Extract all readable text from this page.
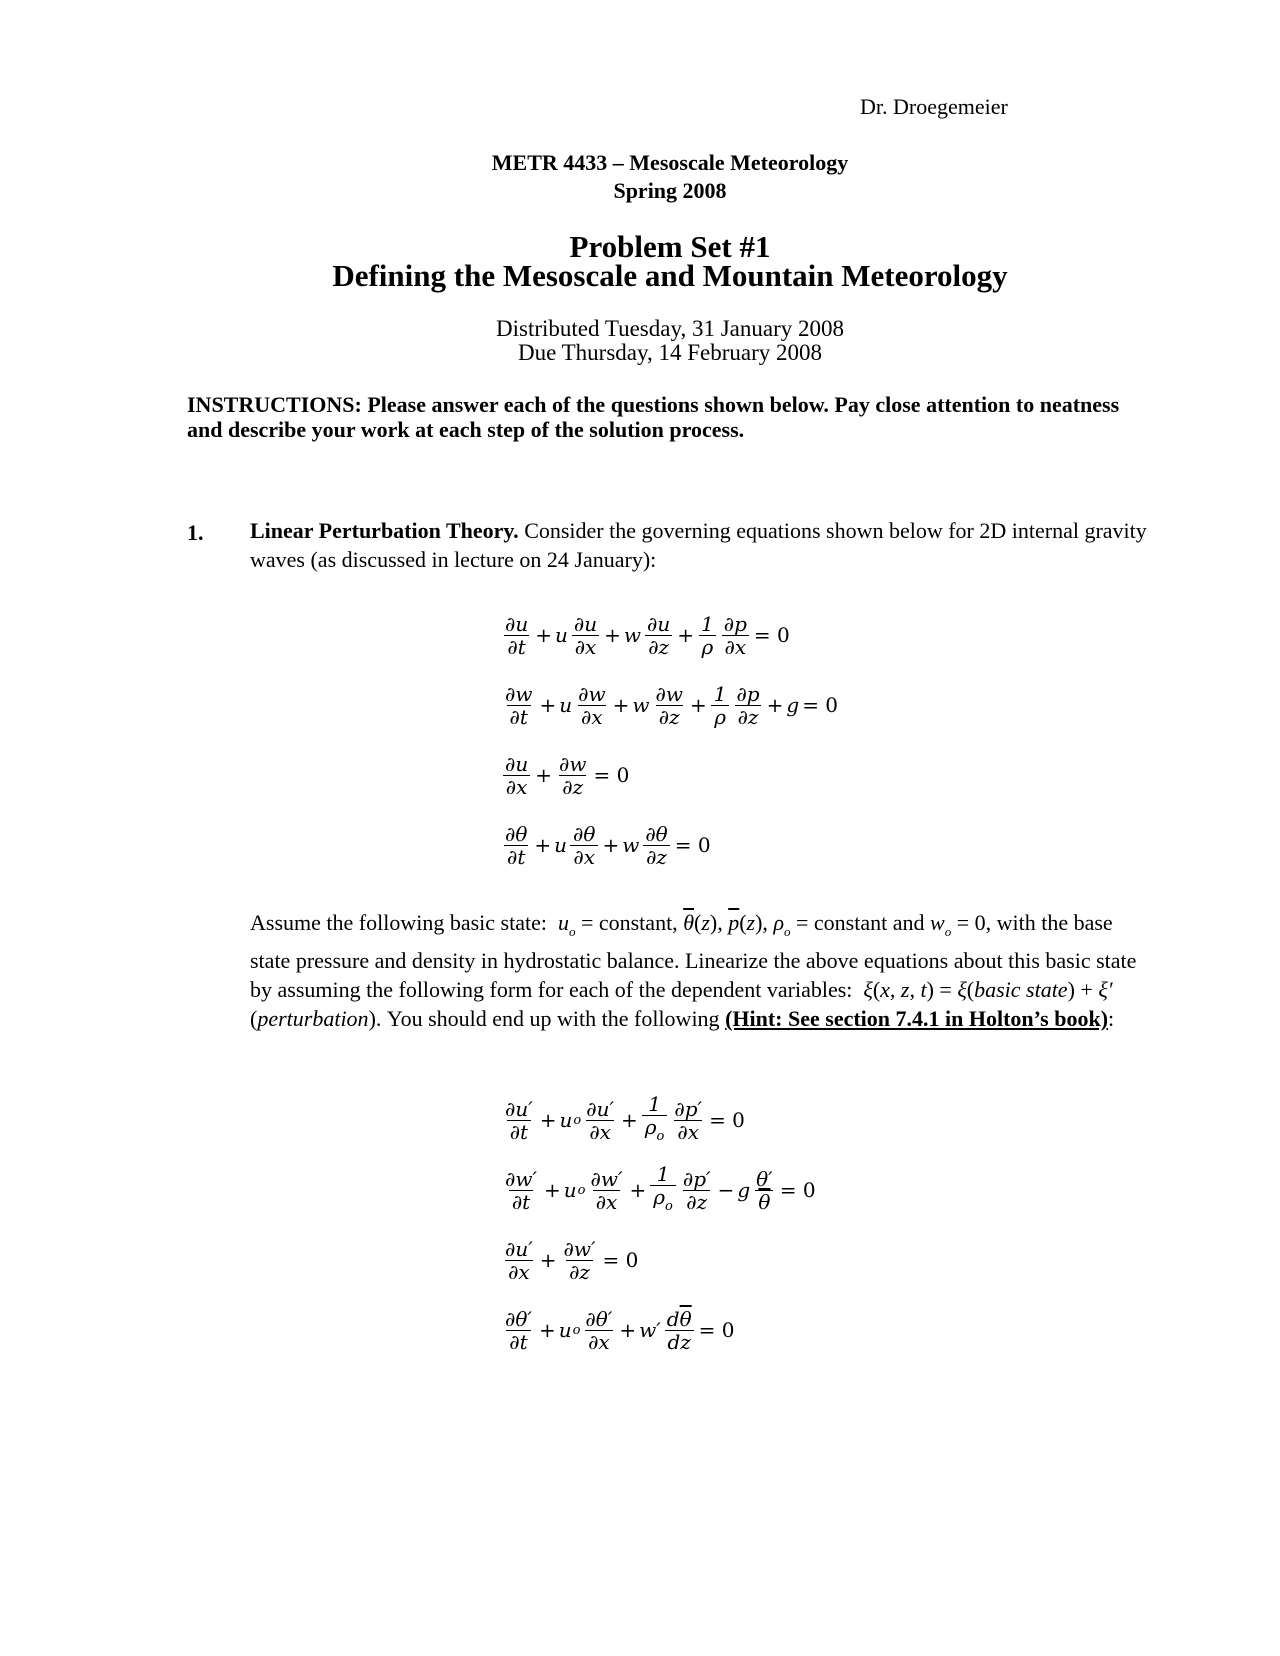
Dr. Droegemeier
METR 4433 – Mesoscale Meteorology
Spring 2008
Problem Set #1
Defining the Mesoscale and Mountain Meteorology
Distributed Tuesday, 31 January 2008
Due Thursday, 14 February 2008
INSTRUCTIONS: Please answer each of the questions shown below. Pay close attention to neatness and describe your work at each step of the solution process.
1. Linear Perturbation Theory. Consider the governing equations shown below for 2D internal gravity waves (as discussed in lecture on 24 January):
∂u
∂t + u ∂u
∂x + w ∂u
$\partial z + \frac{1}{\rho} \frac{\partial p}{\partial x} = 0$
∂w
∂t + u ∂w
∂x + w ∂w
$\partial z + \frac{1}{\rho} \partial p$
∂z + g = 0
∂u
$\partial x + \frac{\partial w}{\partial z} = 0$
∂θ
∂t + u ∂θ
∂x + w $\frac{\partial\theta}{\partial z} = 0$
Assume the following basic state: $u_o$ = constant, $\overline{\theta}(z)$, $\overline{p}(z)$, $\rho_o$ = constant and $w_o = 0$, with the base state pressure and density in hydrostatic balance. Linearize the above equations about this basic state by assuming the following form for each of the dependent variables: ξ(x, z, t) = ξ(basic state) + ξ′(perturbation). You should end up with the following (Hint: See section 7.4.1 in Holton’s book):
∂u′
∂t + u o ∂u′
$\partial x + \frac{1}{\rho_o} \frac{\partial p'}{\partial x} = 0$
∂w′
∂t + u o ∂w′
$\partial x + \frac{1}{\rho_o} \partial p'$
∂z − g $\frac{\theta'}{\theta} = 0$
∂u′
$\partial x + \frac{\partial w'}{\partial z} = 0$
∂θ′
∂t + u o ∂θ′
$\partial x + w' \frac{d\overline{\theta}}{dz} = 0$
